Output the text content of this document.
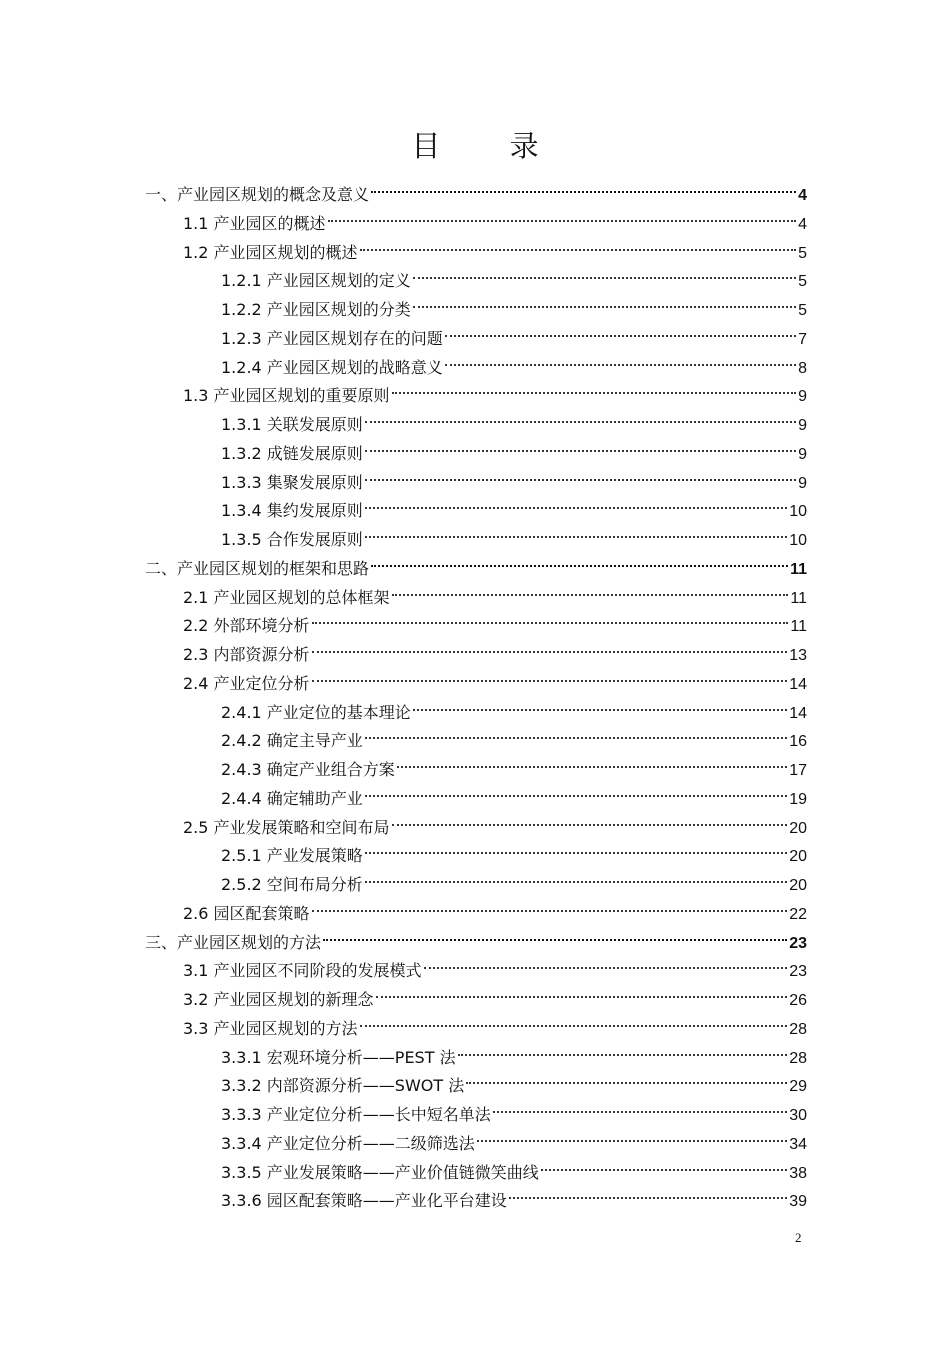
目 录
一、产业园区规划的概念及意义	4
1.1 产业园区的概述	4
1.2 产业园区规划的概述	5
1.2.1 产业园区规划的定义	5
1.2.2 产业园区规划的分类	5
1.2.3 产业园区规划存在的问题	7
1.2.4 产业园区规划的战略意义	8
1.3 产业园区规划的重要原则	9
1.3.1 关联发展原则	9
1.3.2 成链发展原则	9
1.3.3 集聚发展原则	9
1.3.4 集约发展原则	10
1.3.5 合作发展原则	10
二、产业园区规划的框架和思路	11
2.1 产业园区规划的总体框架	11
2.2 外部环境分析	11
2.3 内部资源分析	13
2.4 产业定位分析	14
2.4.1 产业定位的基本理论	14
2.4.2 确定主导产业	16
2.4.3 确定产业组合方案	17
2.4.4 确定辅助产业	19
2.5 产业发展策略和空间布局	20
2.5.1 产业发展策略	20
2.5.2 空间布局分析	20
2.6 园区配套策略	22
三、产业园区规划的方法	23
3.1 产业园区不同阶段的发展模式	23
3.2 产业园区规划的新理念	26
3.3 产业园区规划的方法	28
3.3.1 宏观环境分析——PEST 法	28
3.3.2 内部资源分析——SWOT 法	29
3.3.3 产业定位分析——长中短名单法	30
3.3.4 产业定位分析——二级筛选法	34
3.3.5 产业发展策略——产业价值链微笑曲线	38
3.3.6 园区配套策略——产业化平台建设	39
2
